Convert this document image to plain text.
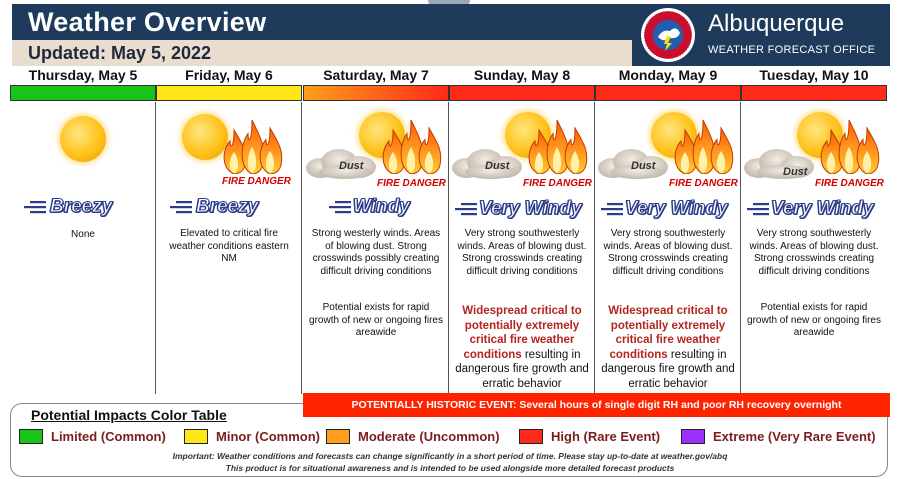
Weather Overview
Updated: May 5, 2022
Albuquerque
WEATHER FORECAST OFFICE
Thursday, May 5
Breezy
None
Friday, May 6
FIRE DANGER
Breezy
Elevated to critical fire weather conditions eastern NM
Saturday, May 7
Dust
FIRE DANGER
Windy
Strong westerly winds. Areas of blowing dust. Strong crosswinds possibly creating difficult driving conditions
Potential exists for rapid growth of new or ongoing fires areawide
Sunday, May 8
Dust
FIRE DANGER
Very Windy
Very strong southwesterly winds. Areas of blowing dust. Strong crosswinds creating difficult driving conditions
Widespread critical to potentially extremely critical fire weather conditions resulting in dangerous fire growth and erratic behavior
Monday, May 9
Dust
FIRE DANGER
Very Windy
Very strong southwesterly winds. Areas of blowing dust. Strong crosswinds creating difficult driving conditions
Widespread critical to potentially extremely critical fire weather conditions resulting in dangerous fire growth and erratic behavior
Tuesday, May 10
Dust
FIRE DANGER
Very Windy
Very strong southwesterly winds. Areas of blowing dust. Strong crosswinds creating difficult driving conditions
Potential exists for rapid growth of new or ongoing fires areawide
Potential Impacts Color Table
Limited (Common)	Minor (Common)	Moderate (Uncommon)	High (Rare Event)	Extreme (Very Rare Event)
Important: Weather conditions and forecasts can change significantly in a short period of time. Please stay up-to-date at weather.gov/abq
This product is for situational awareness and is intended to be used alongside more detailed forecast products
POTENTIALLY HISTORIC EVENT: Several hours of single digit RH and poor RH recovery overnight
